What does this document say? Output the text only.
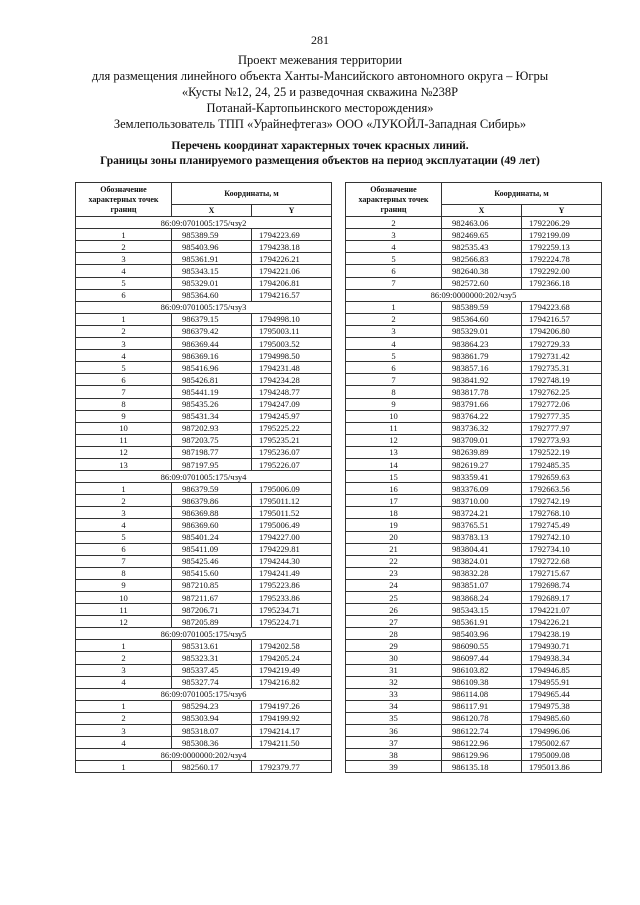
281
Проект межевания территории
для размещения линейного объекта Ханты-Мансийского автономного округа – Югры
«Кусты №12, 24, 25 и разведочная скважина №238Р
Потанай-Картопьинского месторождения»
Землепользователь ТПП «Урайнефтегаз» ООО «ЛУКОЙЛ-Западная Сибирь»
Перечень координат характерных точек красных линий.
Границы зоны планируемого размещения объектов на период эксплуатации (49 лет)
Обозначение характерных точек границ	Координаты, м	
	X	Y
86:09:0701005:175/чзу2		
1	985389.59	1794223.69
2	985403.96	1794238.18
3	985361.91	1794226.21
4	985343.15	1794221.06
5	985329.01	1794206.81
6	985364.60	1794216.57
86:09:0701005:175/чзу3		
1	986379.15	1794998.10
2	986379.42	1795003.11
3	986369.44	1795003.52
4	986369.16	1794998.50
5	985416.96	1794231.48
6	985426.81	1794234.28
7	985441.19	1794248.77
8	985435.26	1794247.09
9	985431.34	1794245.97
10	987202.93	1795225.22
11	987203.75	1795235.21
12	987198.77	1795236.07
13	987197.95	1795226.07
86:09:0701005:175/чзу4		
1	986379.59	1795006.09
2	986379.86	1795011.12
3	986369.88	1795011.52
4	986369.60	1795006.49
5	985401.24	1794227.00
6	985411.09	1794229.81
7	985425.46	1794244.30
8	985415.60	1794241.49
9	987210.85	1795223.86
10	987211.67	1795233.86
11	987206.71	1795234.71
12	987205.89	1795224.71
86:09:0701005:175/чзу5		
1	985313.61	1794202.58
2	985323.31	1794205.24
3	985337.45	1794219.49
4	985327.74	1794216.82
86:09:0701005:175/чзу6		
1	985294.23	1794197.26
2	985303.94	1794199.92
3	985318.07	1794214.17
4	985308.36	1794211.50
86:09:0000000:202/чзу4		
1	982560.17	1792379.77
Обозначение характерных точек границ	Координаты, м	
	X	Y
2	982463.06	1792206.29
3	982469.65	1792199.09
4	982535.43	1792259.13
5	982566.83	1792224.78
6	982640.38	1792292.00
7	982572.60	1792366.18
86:09:0000000:202/чзу5		
1	985389.59	1794223.68
2	985364.60	1794216.57
3	985329.01	1794206.80
4	983864.23	1792729.33
5	983861.79	1792731.42
6	983857.16	1792735.31
7	983841.92	1792748.19
8	983817.78	1792762.25
9	983791.66	1792772.06
10	983764.22	1792777.35
11	983736.32	1792777.97
12	983709.01	1792773.93
13	982639.89	1792522.19
14	982619.27	1792485.35
15	983359.41	1792659.63
16	983376.09	1792663.56
17	983710.00	1792742.19
18	983724.21	1792768.10
19	983765.51	1792745.49
20	983783.13	1792742.10
21	983804.41	1792734.10
22	983824.01	1792722.68
23	983832.28	1792715.67
24	983851.07	1792698.74
25	983868.24	1792689.17
26	985343.15	1794221.07
27	985361.91	1794226.21
28	985403.96	1794238.19
29	986090.55	1794930.71
30	986097.44	1794938.34
31	986103.82	1794946.85
32	986109.38	1794955.91
33	986114.08	1794965.44
34	986117.91	1794975.38
35	986120.78	1794985.60
36	986122.74	1794996.06
37	986122.96	1795002.67
38	986129.96	1795009.08
39	986135.18	1795013.86
